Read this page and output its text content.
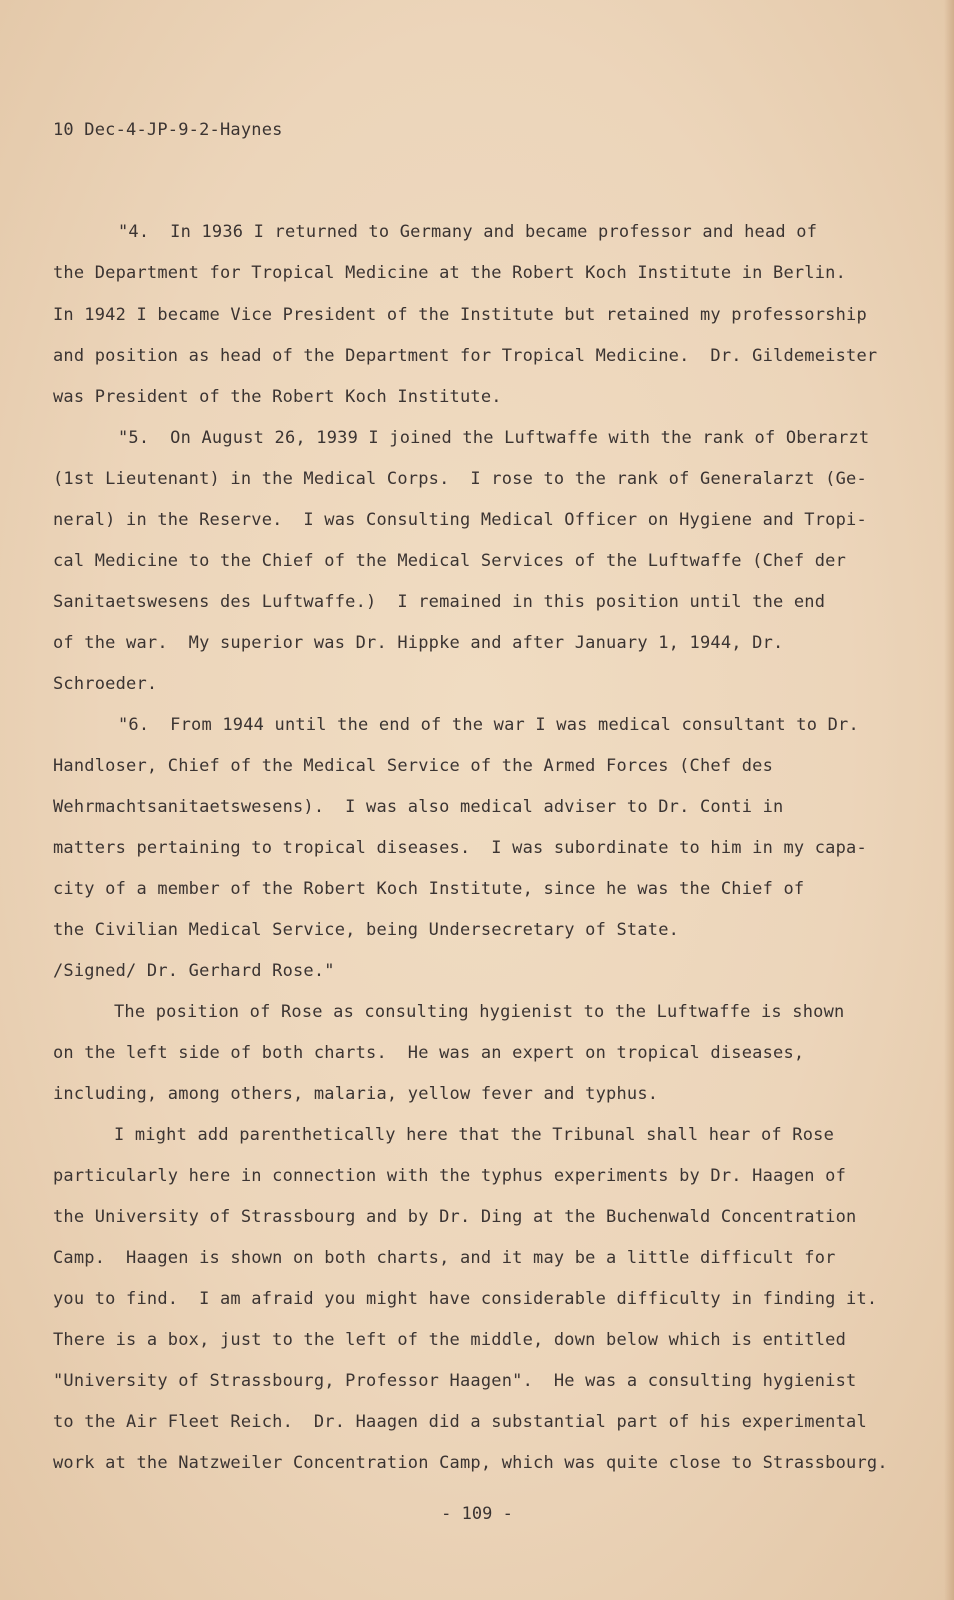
10 Dec-4-JP-9-2-Haynes

"4.  In 1936 I returned to Germany and became professor and head of

the Department for Tropical Medicine at the Robert Koch Institute in Berlin.

In 1942 I became Vice President of the Institute but retained my professorship

and position as head of the Department for Tropical Medicine.  Dr. Gildemeister

was President of the Robert Koch Institute.

"5.  On August 26, 1939 I joined the Luftwaffe with the rank of Oberarzt

(1st Lieutenant) in the Medical Corps.  I rose to the rank of Generalarzt (Ge-

neral) in the Reserve.  I was Consulting Medical Officer on Hygiene and Tropi-

cal Medicine to the Chief of the Medical Services of the Luftwaffe (Chef der

Sanitaetswesens des Luftwaffe.)  I remained in this position until the end

of the war.  My superior was Dr. Hippke and after January 1, 1944, Dr.

Schroeder.

"6.  From 1944 until the end of the war I was medical consultant to Dr.

Handloser, Chief of the Medical Service of the Armed Forces (Chef des

Wehrmachtsanitaetswesens).  I was also medical adviser to Dr. Conti in

matters pertaining to tropical diseases.  I was subordinate to him in my capa-

city of a member of the Robert Koch Institute, since he was the Chief of

the Civilian Medical Service, being Undersecretary of State.

/Signed/ Dr. Gerhard Rose."

The position of Rose as consulting hygienist to the Luftwaffe is shown

on the left side of both charts.  He was an expert on tropical diseases,

including, among others, malaria, yellow fever and typhus.

I might add parenthetically here that the Tribunal shall hear of Rose

particularly here in connection with the typhus experiments by Dr. Haagen of

the University of Strassbourg and by Dr. Ding at the Buchenwald Concentration

Camp.  Haagen is shown on both charts, and it may be a little difficult for

you to find.  I am afraid you might have considerable difficulty in finding it.

There is a box, just to the left of the middle, down below which is entitled

"University of Strassbourg, Professor Haagen".  He was a consulting hygienist

to the Air Fleet Reich.  Dr. Haagen did a substantial part of his experimental

work at the Natzweiler Concentration Camp, which was quite close to Strassbourg.

- 109 -
